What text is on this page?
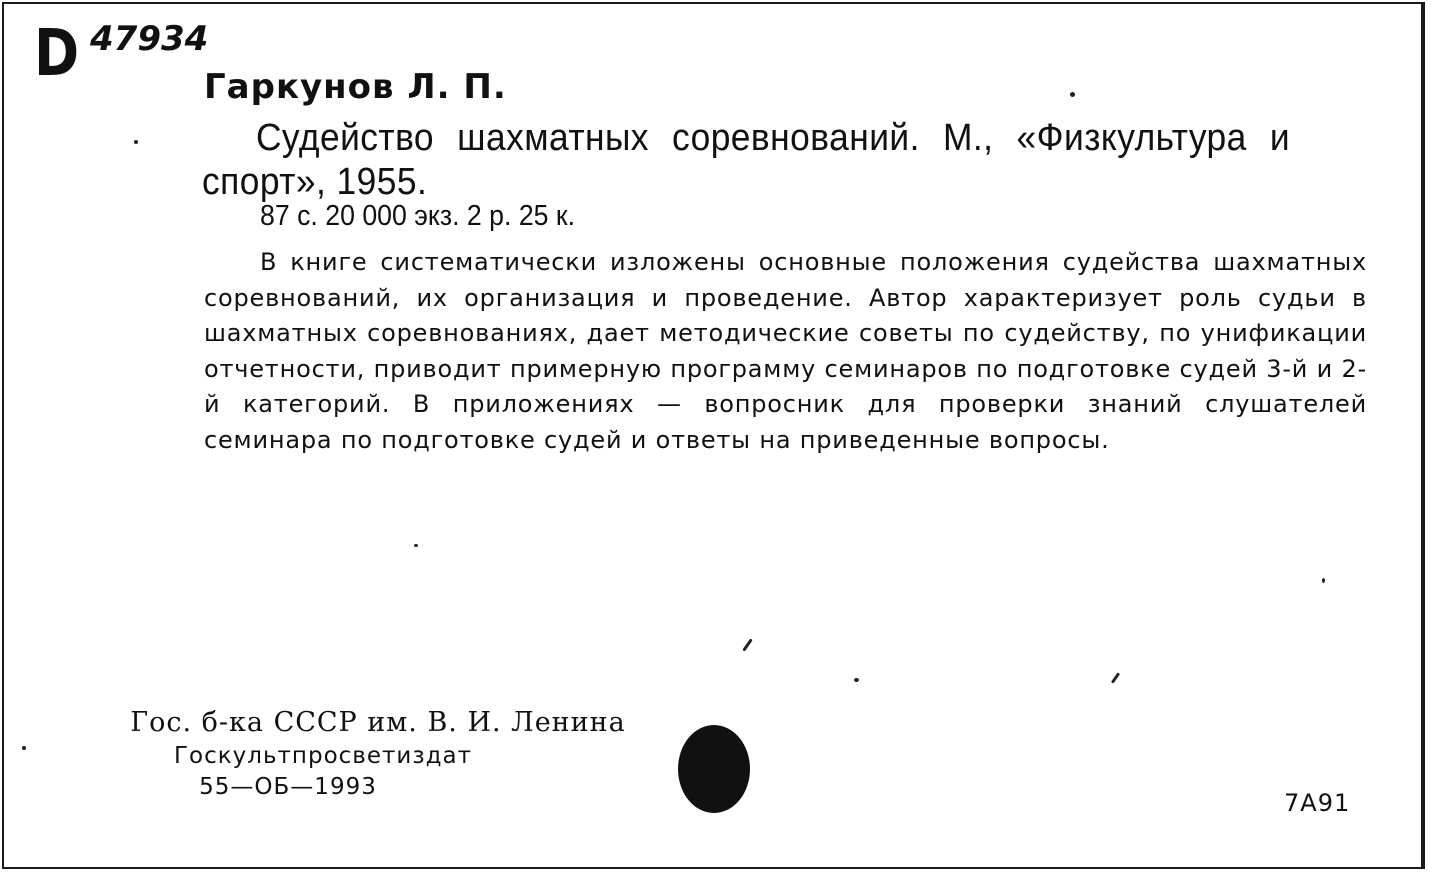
D 47934
Гаркунов Л. П.
Судейство шахматных соревнований. М., «Физкультура и спорт», 1955.
87 с. 20 000 экз. 2 р. 25 к.
В книге систематически изложены основные положения судейства шахматных соревнований, их организация и проведение. Автор характеризует роль судьи в шахматных соревнованиях, дает методические советы по судейству, по унификации отчетности, приводит примерную программу семинаров по подготовке судей 3-й и 2-й категорий. В приложениях — вопросник для проверки знаний слушателей семинара по подготовке судей и ответы на приведенные вопросы.
Гос. б-ка СССР им. В. И. Ленина
Госкультпросветиздат
55—ОБ—1993
7А91
